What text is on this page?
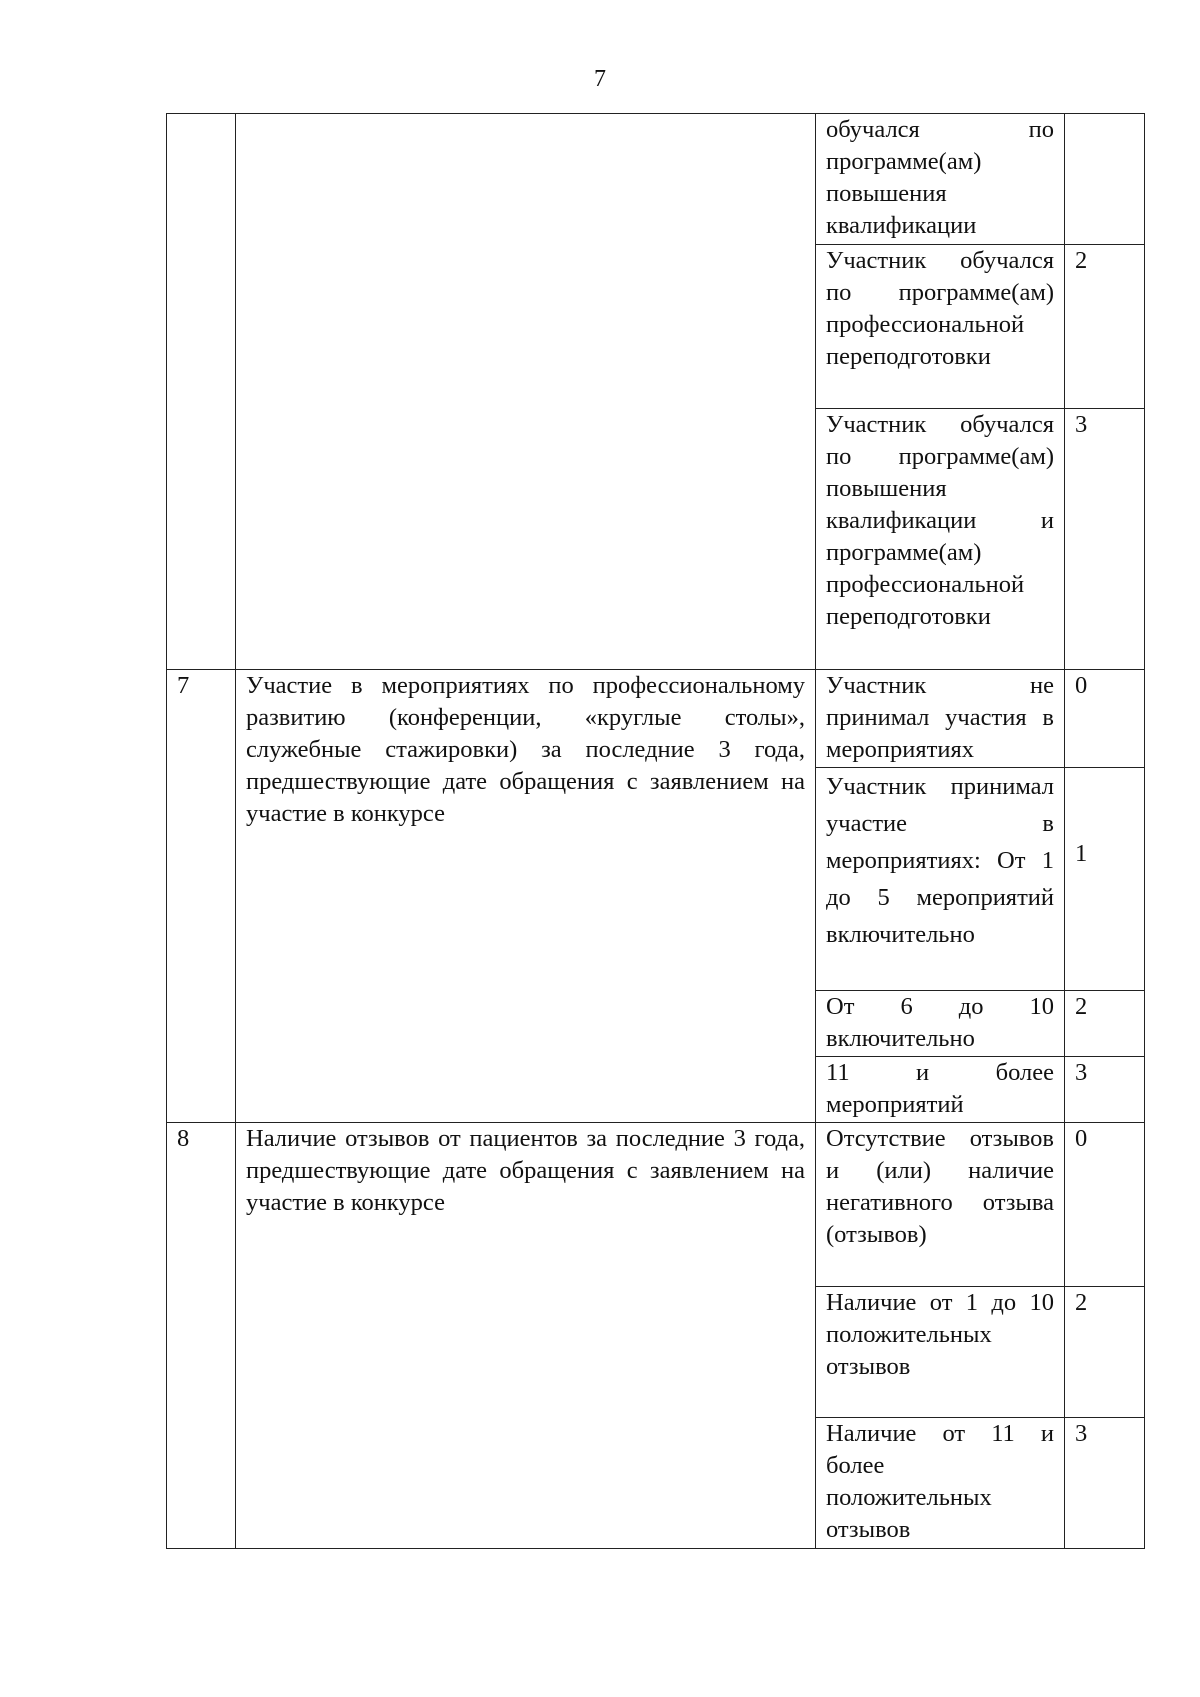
7
		обучался по программе(ам) повышения квалификации	
		Участник обучался по программе(ам) профессиональной переподготовки	2
		Участник обучался по программе(ам) повышения квалификации и программе(ам) профессиональной переподготовки	3
7	Участие в мероприятиях по профессиональному развитию (конференции, «круглые столы», служебные стажировки) за последние 3 года, предшествующие дате обращения с заявлением на участие в конкурсе	Участник не принимал участия в мероприятиях	0
		Участник принимал участие в мероприятиях: От 1 до 5 мероприятий включительно	1
		От 6 до 10 включительно	2
		11 и более мероприятий	3
8	Наличие отзывов от пациентов за последние 3 года, предшествующие дате обращения с заявлением на участие в конкурсе	Отсутствие отзывов и (или) наличие негативного отзыва (отзывов)	0
		Наличие от 1 до 10 положительных отзывов	2
		Наличие от 11 и более положительных отзывов	3
